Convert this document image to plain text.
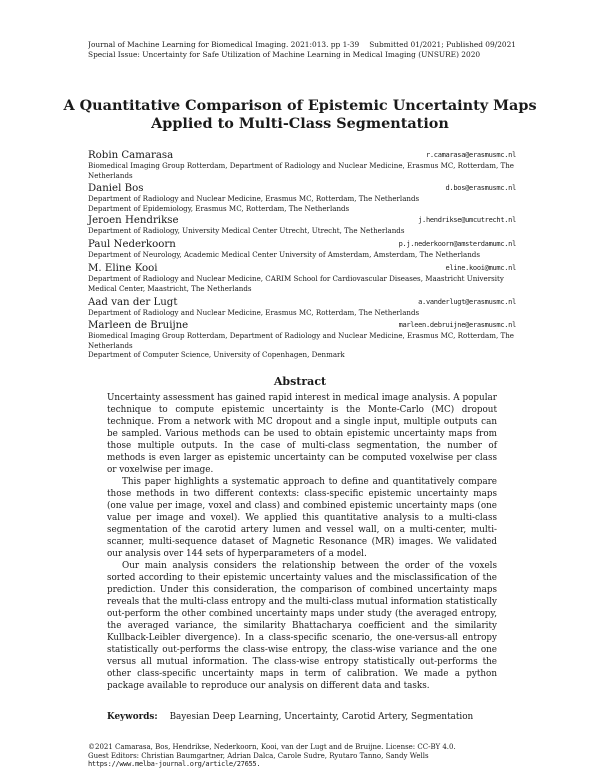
Journal of Machine Learning for Biomedical Imaging. 2021:013. pp 1-39 Submitted 01/2021; Published 09/2021
Special Issue: Uncertainty for Safe Utilization of Machine Learning in Medical Imaging (UNSURE) 2020
A Quantitative Comparison of Epistemic Uncertainty Maps
Applied to Multi-Class Segmentation
Robin Camarasa	r.camarasa@erasmusmc.nl
Biomedical Imaging Group Rotterdam, Department of Radiology and Nuclear Medicine, Erasmus MC, Rotterdam, The Netherlands
Daniel Bos	d.bos@erasmusmc.nl
Department of Radiology and Nuclear Medicine, Erasmus MC, Rotterdam, The Netherlands
Department of Epidemiology, Erasmus MC, Rotterdam, The Netherlands
Jeroen Hendrikse	j.hendrikse@umcutrecht.nl
Department of Radiology, University Medical Center Utrecht, Utrecht, The Netherlands
Paul Nederkoorn	p.j.nederkoorn@amsterdamumc.nl
Department of Neurology, Academic Medical Center University of Amsterdam, Amsterdam, The Netherlands
M. Eline Kooi	eline.kooi@mumc.nl
Department of Radiology and Nuclear Medicine, CARIM School for Cardiovascular Diseases, Maastricht University Medical Center, Maastricht, The Netherlands
Aad van der Lugt	a.vanderlugt@erasmusmc.nl
Department of Radiology and Nuclear Medicine, Erasmus MC, Rotterdam, The Netherlands
Marleen de Bruijne	marleen.debruijne@erasmusmc.nl
Biomedical Imaging Group Rotterdam, Department of Radiology and Nuclear Medicine, Erasmus MC, Rotterdam, The Netherlands
Department of Computer Science, University of Copenhagen, Denmark
Abstract

Uncertainty assessment has gained rapid interest in medical image analysis. A popular technique to compute epistemic uncertainty is the Monte-Carlo (MC) dropout technique. From a network with MC dropout and a single input, multiple outputs can be sampled. Various methods can be used to obtain epistemic uncertainty maps from those multiple outputs. In the case of multi-class segmentation, the number of methods is even larger as epistemic uncertainty can be computed voxelwise per class or voxelwise per image.

This paper highlights a systematic approach to define and quantitatively compare those methods in two different contexts: class-specific epistemic uncertainty maps (one value per image, voxel and class) and combined epistemic uncertainty maps (one value per image and voxel). We applied this quantitative analysis to a multi-class segmentation of the carotid artery lumen and vessel wall, on a multi-center, multi-scanner, multi-sequence dataset of Magnetic Resonance (MR) images. We validated our analysis over 144 sets of hyperparameters of a model.

Our main analysis considers the relationship between the order of the voxels sorted according to their epistemic uncertainty values and the misclassification of the prediction. Under this consideration, the comparison of combined uncertainty maps reveals that the multi-class entropy and the multi-class mutual information statistically out-perform the other combined uncertainty maps under study (the averaged entropy, the averaged variance, the similarity Bhattacharya coefficient and the similarity Kullback-Leibler divergence). In a class-specific scenario, the one-versus-all entropy statistically out-performs the class-wise entropy, the class-wise variance and the one versus all mutual information. The class-wise entropy statistically out-performs the other class-specific uncertainty maps in term of calibration. We made a python package available to reproduce our analysis on different data and tasks.

Keywords: Bayesian Deep Learning, Uncertainty, Carotid Artery, Segmentation
©2021 Camarasa, Bos, Hendrikse, Nederkoorn, Kooi, van der Lugt and de Bruijne. License: CC-BY 4.0.
Guest Editors: Christian Baumgartner, Adrian Dalca, Carole Sudre, Ryutaro Tanno, Sandy Wells
https://www.melba-journal.org/article/27655.
